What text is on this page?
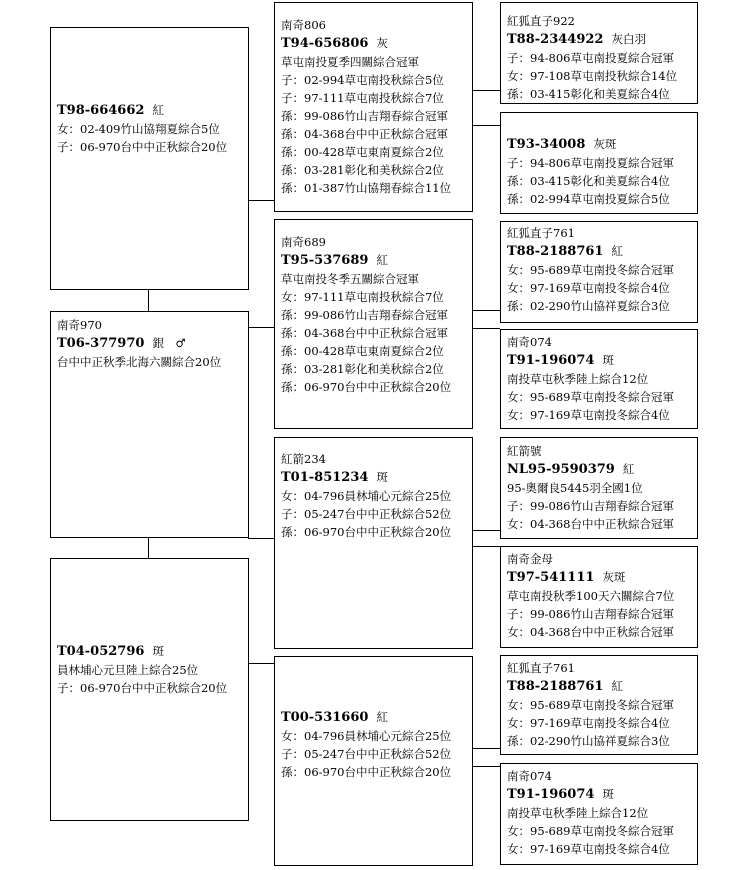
T98-664662 紅
女：02-409竹山協翔夏綜合5位
子：06-970台中中正秋綜合20位
南奇970
T06-377970 銀　♂
台中中正秋季北海六關綜合20位
T04-052796 斑
員林埔心元旦陸上綜合25位
子：06-970台中中正秋綜合20位
南奇806
T94-656806 灰
草屯南投夏季四關綜合冠軍
子：02-994草屯南投秋綜合5位
子：97-111草屯南投秋綜合7位
孫：99-086竹山吉翔春綜合冠軍
孫：04-368台中中正秋綜合冠軍
孫：00-428草屯東南夏綜合2位
孫：03-281彰化和美秋綜合2位
孫：01-387竹山協翔春綜合11位
南奇689
T95-537689 紅
草屯南投冬季五關綜合冠軍
女：97-111草屯南投秋綜合7位
孫：99-086竹山吉翔春綜合冠軍
孫：04-368台中中正秋綜合冠軍
孫：00-428草屯東南夏綜合2位
孫：03-281彰化和美秋綜合2位
孫：06-970台中中正秋綜合20位
紅箭234
T01-851234 斑
女：04-796員林埔心元綜合25位
子：05-247台中中正秋綜合52位
孫：06-970台中中正秋綜合20位
T00-531660 紅
女：04-796員林埔心元綜合25位
子：05-247台中中正秋綜合52位
孫：06-970台中中正秋綜合20位
紅狐直子922
T88-2344922 灰白羽
子：94-806草屯南投夏綜合冠軍
女：97-108草屯南投秋綜合14位
孫：03-415彰化和美夏綜合4位
T93-34008 灰斑
子：94-806草屯南投夏綜合冠軍
孫：03-415彰化和美夏綜合4位
孫：02-994草屯南投夏綜合5位
紅狐直子761
T88-2188761 紅
女：95-689草屯南投冬綜合冠軍
女：97-169草屯南投冬綜合4位
孫：02-290竹山協祥夏綜合3位
南奇074
T91-196074 斑
南投草屯秋季陸上綜合12位
女：95-689草屯南投冬綜合冠軍
女：97-169草屯南投冬綜合4位
紅箭號
NL95-9590379 紅
95-奧爾良5445羽全國1位
子：99-086竹山吉翔春綜合冠軍
女：04-368台中中正秋綜合冠軍
南奇金母
T97-541111 灰斑
草屯南投秋季100天六關綜合7位
子：99-086竹山吉翔春綜合冠軍
女：04-368台中中正秋綜合冠軍
紅狐直子761
T88-2188761 紅
女：95-689草屯南投冬綜合冠軍
女：97-169草屯南投冬綜合4位
孫：02-290竹山協祥夏綜合3位
南奇074
T91-196074 斑
南投草屯秋季陸上綜合12位
女：95-689草屯南投冬綜合冠軍
女：97-169草屯南投冬綜合4位
